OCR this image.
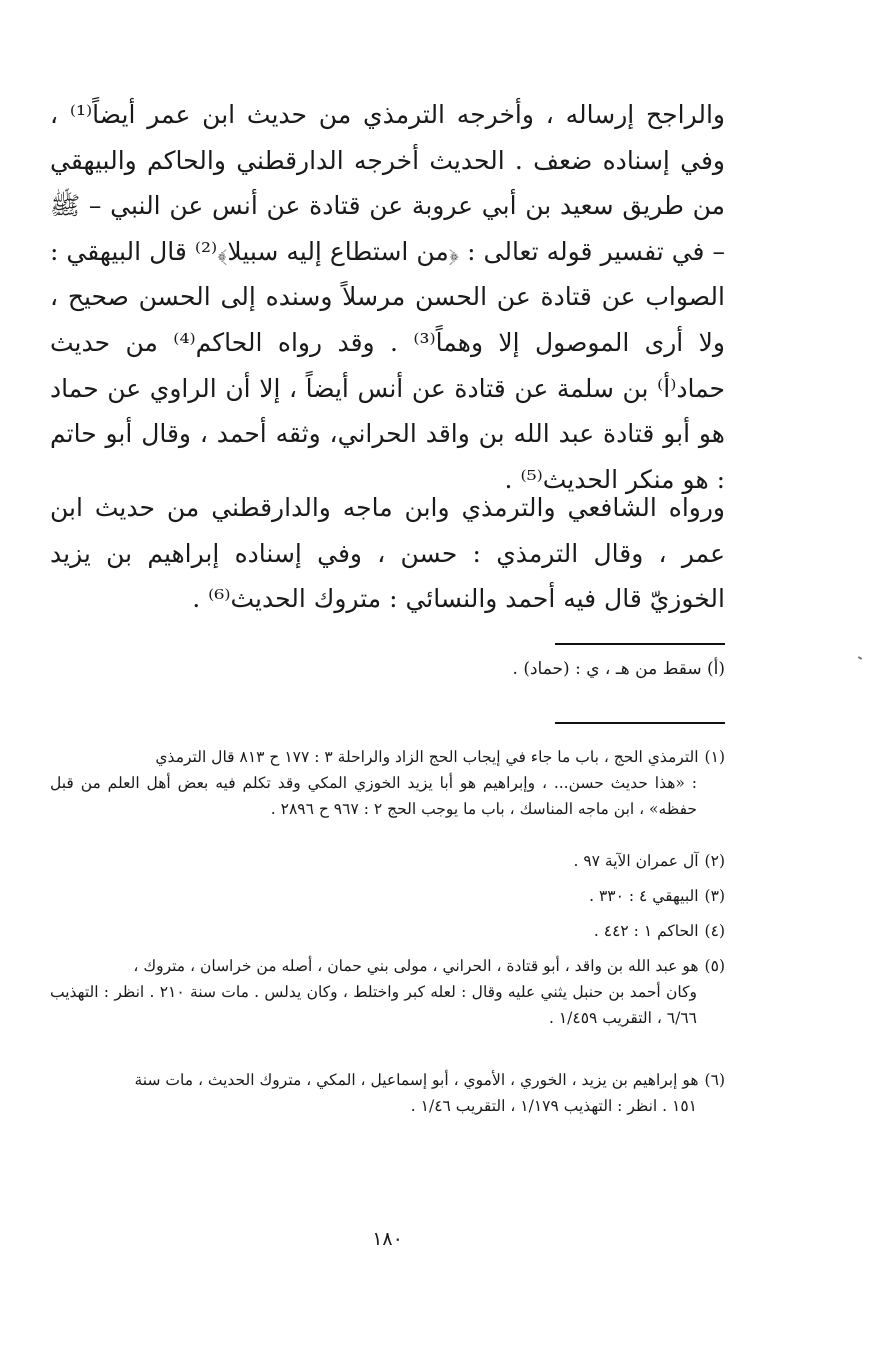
والراجح إرساله ، وأخرجه الترمذي من حديث ابن عمر أيضاً⁽¹⁾ ، وفي إسناده ضعف . الحديث أخرجه الدارقطني والحاكم والبيهقي من طريق سعيد بن أبي عروبة عن قتادة عن أنس عن النبي – ﷺ – في تفسير قوله تعالى : ﴿من استطاع إليه سبيلا﴾⁽²⁾ قال البيهقي : الصواب عن قتادة عن الحسن مرسلاً وسنده إلى الحسن صحيح ، ولا أرى الموصول إلا وهماً⁽³⁾ . وقد رواه الحاكم⁽⁴⁾ من حديث حماد⁽أ⁾ بن سلمة عن قتادة عن أنس أيضاً ، إلا أن الراوي عن حماد هو أبو قتادة عبد الله بن واقد الحراني، وثقه أحمد ، وقال أبو حاتم : هو منكر الحديث⁽⁵⁾ .

ورواه الشافعي والترمذي وابن ماجه والدارقطني من حديث ابن عمر ، وقال الترمذي : حسن ، وفي إسناده إبراهيم بن يزيد الخوزيّ قال فيه أحمد والنسائي : متروك الحديث⁽⁶⁾ .

(أ) سقط من هـ ، ي : (حماد) .
(١)الترمذي الحج ، باب ما جاء في إيجاب الحج الزاد والراحلة ٣ : ١٧٧ ح ٨١٣ قال الترمذي
: «هذا حديث حسن... ، وإبراهيم هو أبا يزيد الخوزي المكي وقد تكلم فيه بعض أهل العلم من قبل حفظه» ، ابن ماجه المناسك ، باب ما يوجب الحج ٢ : ٩٦٧ ح ٢٨٩٦ .
(٢)آل عمران الآية ٩٧ .
(٣)البيهقي ٤ : ٣٣٠ .
(٤)الحاكم ١ : ٤٤٢ .
(٥)هو عبد الله بن واقد ، أبو قتادة ، الحراني ، مولى بني حمان ، أصله من خراسان ، متروك ،
وكان أحمد بن حنبل يثني عليه وقال : لعله كبر واختلط ، وكان يدلس . مات سنة ٢١٠ . انظر : التهذيب ٦/٦٦ ، التقريب ١/٤٥٩ .
(٦)هو إبراهيم بن يزيد ، الخوري ، الأموي ، أبو إسماعيل ، المكي ، متروك الحديث ، مات سنة
١٥١ . انظر : التهذيب ١/١٧٩ ، التقريب ١/٤٦ .
١٨٠
